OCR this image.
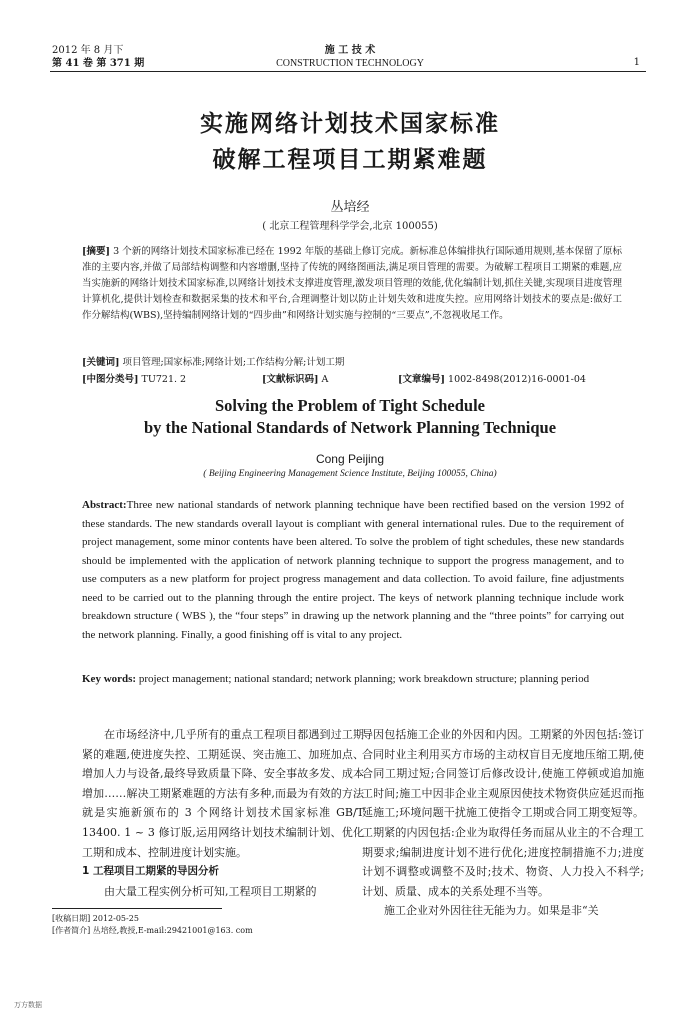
2012 年 8 月下
第 41 卷 第 371 期
施 工 技 术
CONSTRUCTION TECHNOLOGY	1
实施网络计划技术国家标准
破解工程项目工期紧难题
丛培经
( 北京工程管理科学学会,北京 100055)
[摘要] 3 个新的网络计划技术国家标准已经在 1992 年版的基础上修订完成。新标准总体编排执行国际通用规则,基本保留了原标准的主要内容,并做了局部结构调整和内容增删,坚持了传统的网络图画法,满足项目管理的需要。为破解工程项目工期紧的难题,应当实施新的网络计划技术国家标准,以网络计划技术支撑进度管理,激发项目管理的效能,优化编制计划,抓住关键,实现项目进度管理计算机化,提供计划检查和数据采集的技术和平台,合理调整计划以防止计划失效和进度失控。应用网络计划技术的要点是:做好工作分解结构(WBS),坚持编制网络计划的“四步曲”和网络计划实施与控制的“三要点”,不忽视收尾工作。
[关键词] 项目管理;国家标准;网络计划;工作结构分解;计划工期
[中图分类号] TU721. 2	[文献标识码] A	[文章编号] 1002-8498(2012)16-0001-04
Solving the Problem of Tight Schedule
by the National Standards of Network Planning Technique
Cong Peijing
( Beijing Engineering Management Science Institute, Beijing 100055, China)
Abstract:Three new national standards of network planning technique have been rectified based on the version 1992 of these standards. The new standards overall layout is compliant with general international rules. Due to the requirement of project management, some minor contents have been altered. To solve the problem of tight schedules, these new standards should be implemented with the application of network planning technique to support the progress management, and to use computers as a new platform for project progress management and data collection. To avoid failure, fine adjustments need to be carried out to the planning through the entire project. The keys of network planning technique include work breakdown structure ( WBS ), the “four steps” in drawing up the network planning and the “three points” for carrying out the network planning. Finally, a good finishing off is vital to any project.
Key words: project management; national standard; network planning; work breakdown structure; planning period

在市场经济中,几乎所有的重点工程项目都遇到过工期紧的难题,使进度失控、工期延误、突击施工、加班加点、增加人力与设备,最终导致质量下降、安全事故多发、成本增加……解决工期紧难题的方法有多种,而最为有效的方法就是实施新颁布的 3 个网络计划技术国家标准 GB/T 13400. 1 ~ 3 修订版,运用网络计划技术编制计划、优化工期和成本、控制进度计划实施。

1 工程项目工期紧的导因分析

由大量工程实例分析可知,工程项目工期紧的

导因包括施工企业的外因和内因。工期紧的外因包括:签订合同时业主利用买方市场的主动权盲目无度地压缩工期,使合同工期过短;合同签订后修改设计,使施工停顿或追加施工时间;施工中因非企业主观原因使技术物资供应延迟而拖延施工;环境问题干扰施工使指令工期或合同工期变短等。工期紧的内因包括:企业为取得任务而屈从业主的不合理工期要求;编制进度计划不进行优化;进度控制措施不力;进度计划不调整或调整不及时;技术、物资、人力投入不科学;计划、质量、成本的关系处理不当等。

施工企业对外因往往无能为力。如果是非“关

[收稿日期] 2012-05-25
[作者简介] 丛培经,教授,E-mail:29421001@163. com
万方数据
